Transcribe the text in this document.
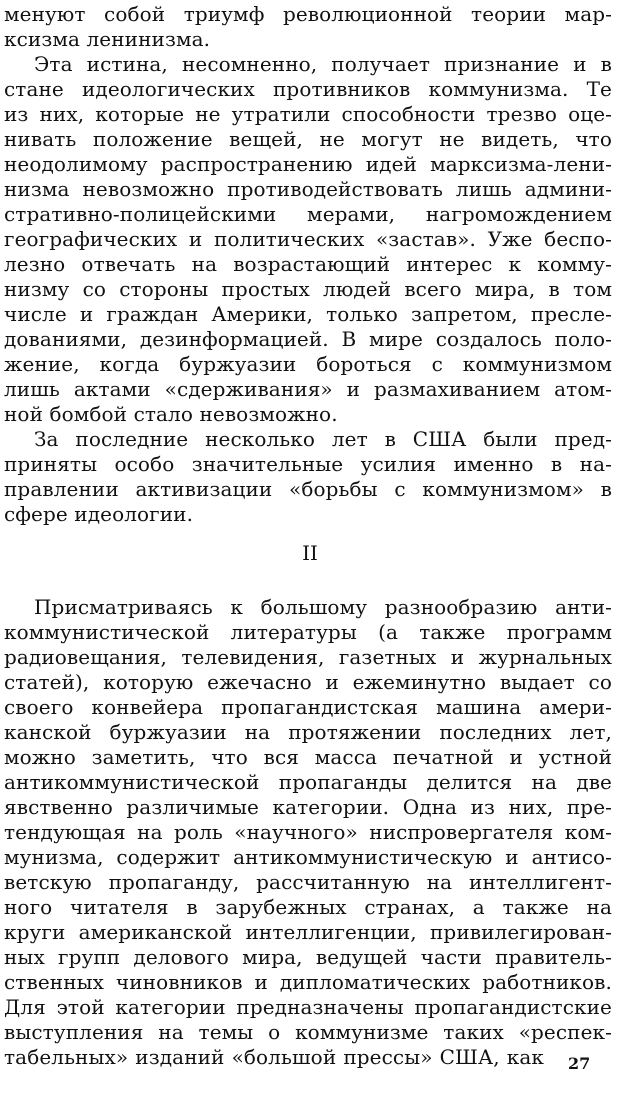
менуют собой триумф революционной теории мар-
ксизма ленинизма.
Эта истина, несомненно, получает признание и в
стане идеологических противников коммунизма. Те
из них, которые не утратили способности трезво оце-
нивать положение вещей, не могут не видеть, что
неодолимому распространению идей марксизма-лени-
низма невозможно противодействовать лишь админи-
стративно-полицейскими мерами, нагромождением
географических и политических «застав». Уже беспо-
лезно отвечать на возрастающий интерес к комму-
низму со стороны простых людей всего мира, в том
числе и граждан Америки, только запретом, пресле-
дованиями, дезинформацией. В мире создалось поло-
жение, когда буржуазии бороться с коммунизмом
лишь актами «сдерживания» и размахиванием атом-
ной бомбой стало невозможно.
За последние несколько лет в США были пред-
приняты особо значительные усилия именно в на-
правлении активизации «борьбы с коммунизмом» в
сфере идеологии.
II
Присматриваясь к большому разнообразию анти-
коммунистической литературы (а также программ
радиовещания, телевидения, газетных и журнальных
статей), которую ежечасно и ежеминутно выдает со
своего конвейера пропагандистская машина амери-
канской буржуазии на протяжении последних лет,
можно заметить, что вся масса печатной и устной
антикоммунистической пропаганды делится на две
явственно различимые категории. Одна из них, пре-
тендующая на роль «научного» ниспровергателя ком-
мунизма, содержит антикоммунистическую и антисо-
ветскую пропаганду, рассчитанную на интеллигент-
ного читателя в зарубежных странах, а также на
круги американской интеллигенции, привилегирован-
ных групп делового мира, ведущей части правитель-
ственных чиновников и дипломатических работников.
Для этой категории предназначены пропагандистские
выступления на темы о коммунизме таких «респек-
табельных» изданий «большой прессы» США, как 27
